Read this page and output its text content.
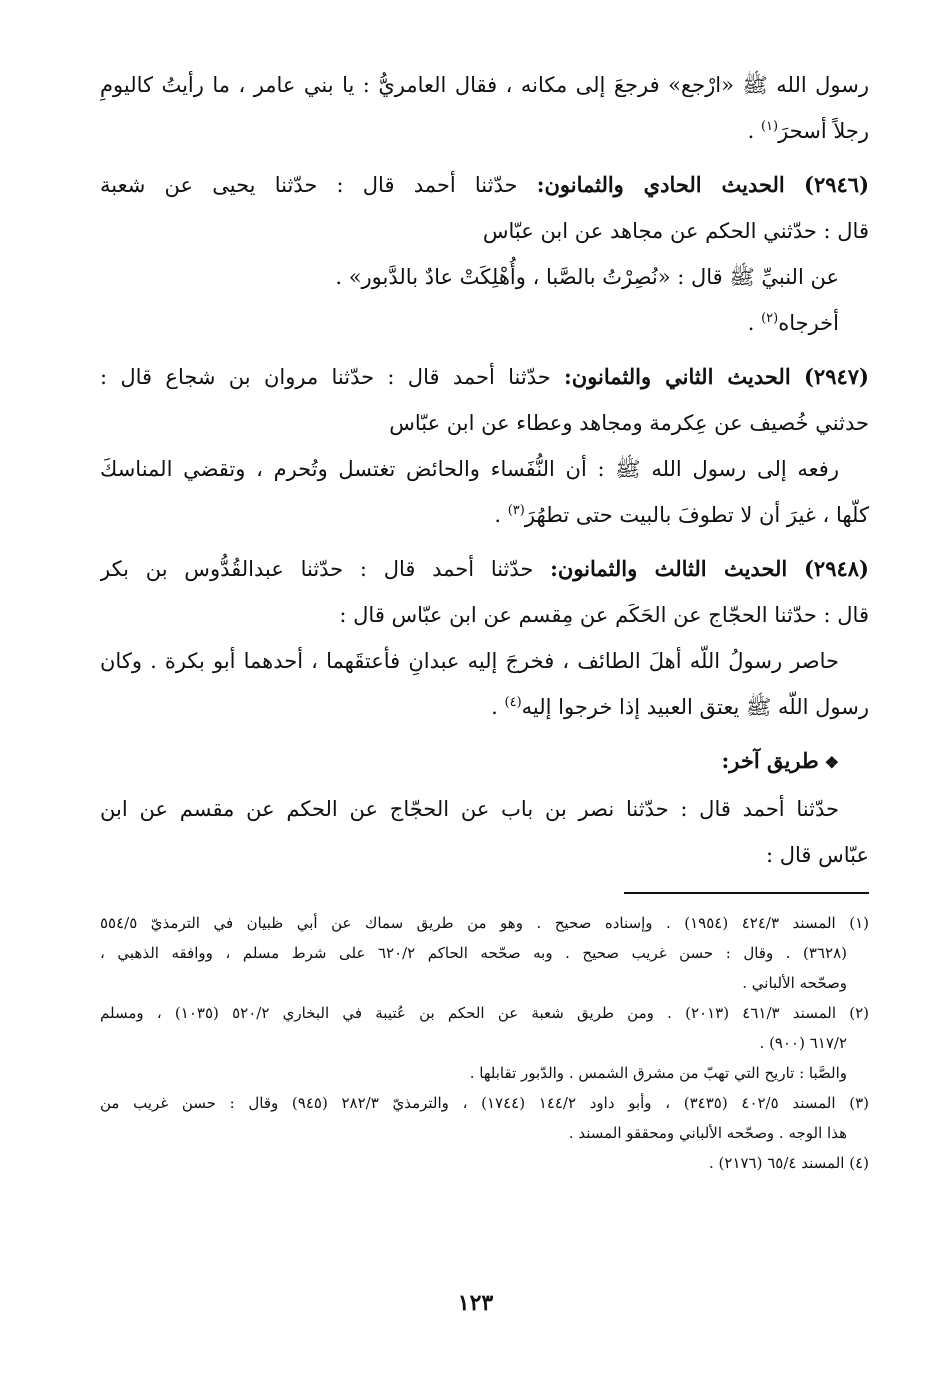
رسول الله ﷺ «ارْجع» فرجعَ إلى مكانه ، فقال العامريُّ : يا بني عامر ، ما رأيتُ كاليومِ
رجلاً أسحرَ$^{(١)}$ .
(٢٩٤٦) الحديث الحادي والثمانون: حدّثنا أحمد قال : حدّثنا يحيى عن شعبة
قال : حدّثني الحكم عن مجاهد عن ابن عبّاس
عن النبيِّ ﷺ قال : «نُصِرْتُ بالصَّبا ، وأُهْلِكَتْ عادٌ بالدَّبور» .
أخرجاه$^{(٢)}$ .
(٢٩٤٧) الحديث الثاني والثمانون: حدّثنا أحمد قال : حدّثنا مروان بن شجاع قال :
حدثني خُصيف عن عِكرمة ومجاهد وعطاء عن ابن عبّاس
رفعه إلى رسول الله ﷺ : أن النُّفَساء والحائض تغتسل وتُحرم ، وتقضي المناسكَ
كلّها ، غيرَ أن لا تطوفَ بالبيت حتى تطهُرَ$^{(٣)}$ .
(٢٩٤٨) الحديث الثالث والثمانون: حدّثنا أحمد قال : حدّثنا عبدالقُدُّوس بن بكر
قال : حدّثنا الحجّاج عن الحَكَم عن مِقسم عن ابن عبّاس قال :
حاصر رسولُ اللّه أهلَ الطائف ، فخرجَ إليه عبدانِ فأعتقَهما ، أحدهما أبو بكرة . وكان
رسول اللّه ﷺ يعتق العبيد إذا خرجوا إليه$^{(٤)}$ .
❖طريق آخر:
حدّثنا أحمد قال : حدّثنا نصر بن باب عن الحجّاج عن الحكم عن مقسم عن ابن
عبّاس قال :
(١) المسند ٤٢٤/٣ (١٩٥٤) . وإسناده صحيح . وهو من طريق سماك عن أبي ظبيان في الترمذيّ ٥٥٤/٥
(٣٦٢٨) . وقال : حسن غريب صحيح . وبه صحّحه الحاكم ٦٢٠/٢ على شرط مسلم ، ووافقه الذهبي ،
وصحّحه الألباني .
(٢) المسند ٤٦١/٣ (٢٠١٣) . ومن طريق شعبة عن الحكم بن عُتيبة في البخاري ٥٢٠/٢ (١٠٣٥) ، ومسلم
٦١٧/٢ (٩٠٠) .
والصَّبا : تاريح التي تهبّ من مشرق الشمس . والدّبور تقابلها .
(٣) المسند ٤٠٢/٥ (٣٤٣٥) ، وأبو داود ١٤٤/٢ (١٧٤٤) ، والترمذيّ ٢٨٢/٣ (٩٤٥) وقال : حسن غريب من
هذا الوجه . وصحّحه الألباني ومحققو المسند .
(٤) المسند ٦٥/٤ (٢١٧٦) .
١٢٣
